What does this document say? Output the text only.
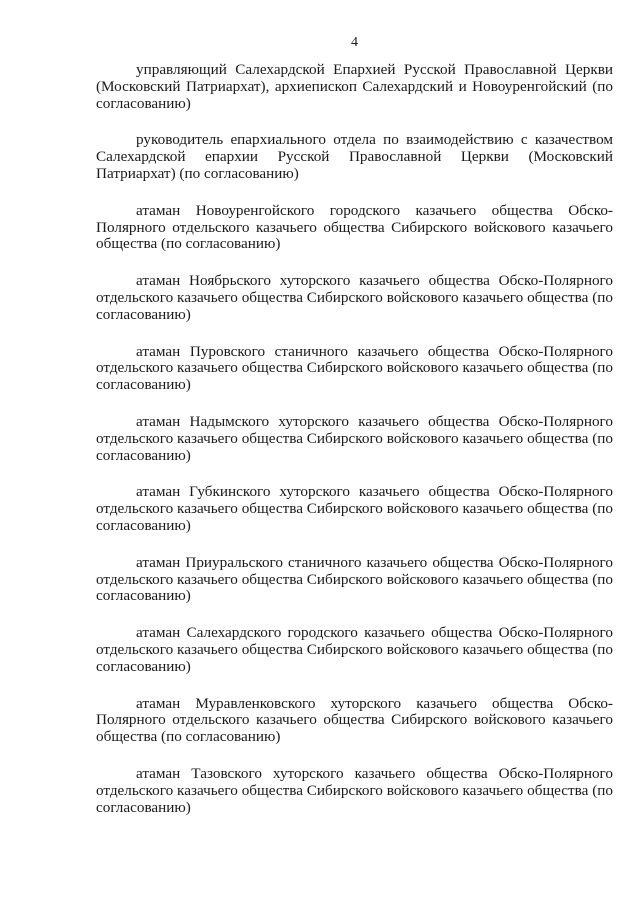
4

управляющий Салехардской Епархией Русской Православной Церкви (Московский Патриархат), архиепископ Салехардский и Новоуренгойский (по согласованию)

руководитель епархиального отдела по взаимодействию с казачеством Салехардской епархии Русской Православной Церкви (Московский Патриархат) (по согласованию)

атаман Новоуренгойского городского казачьего общества Обско-Полярного отдельского казачьего общества Сибирского войскового казачьего общества (по согласованию)

атаман Ноябрьского хуторского казачьего общества Обско-Полярного отдельского казачьего общества Сибирского войскового казачьего общества (по согласованию)

атаман Пуровского станичного казачьего общества Обско-Полярного отдельского казачьего общества Сибирского войскового казачьего общества (по согласованию)

атаман Надымского хуторского казачьего общества Обско-Полярного отдельского казачьего общества Сибирского войскового казачьего общества (по согласованию)

атаман Губкинского хуторского казачьего общества Обско-Полярного отдельского казачьего общества Сибирского войскового казачьего общества (по согласованию)

атаман Приуральского станичного казачьего общества Обско-Полярного отдельского казачьего общества Сибирского войскового казачьего общества (по согласованию)

атаман Салехардского городского казачьего общества Обско-Полярного отдельского казачьего общества Сибирского войскового казачьего общества (по согласованию)

атаман Муравленковского хуторского казачьего общества Обско-Полярного отдельского казачьего общества Сибирского войскового казачьего общества (по согласованию)

атаман Тазовского хуторского казачьего общества Обско-Полярного отдельского казачьего общества Сибирского войскового казачьего общества (по согласованию)
